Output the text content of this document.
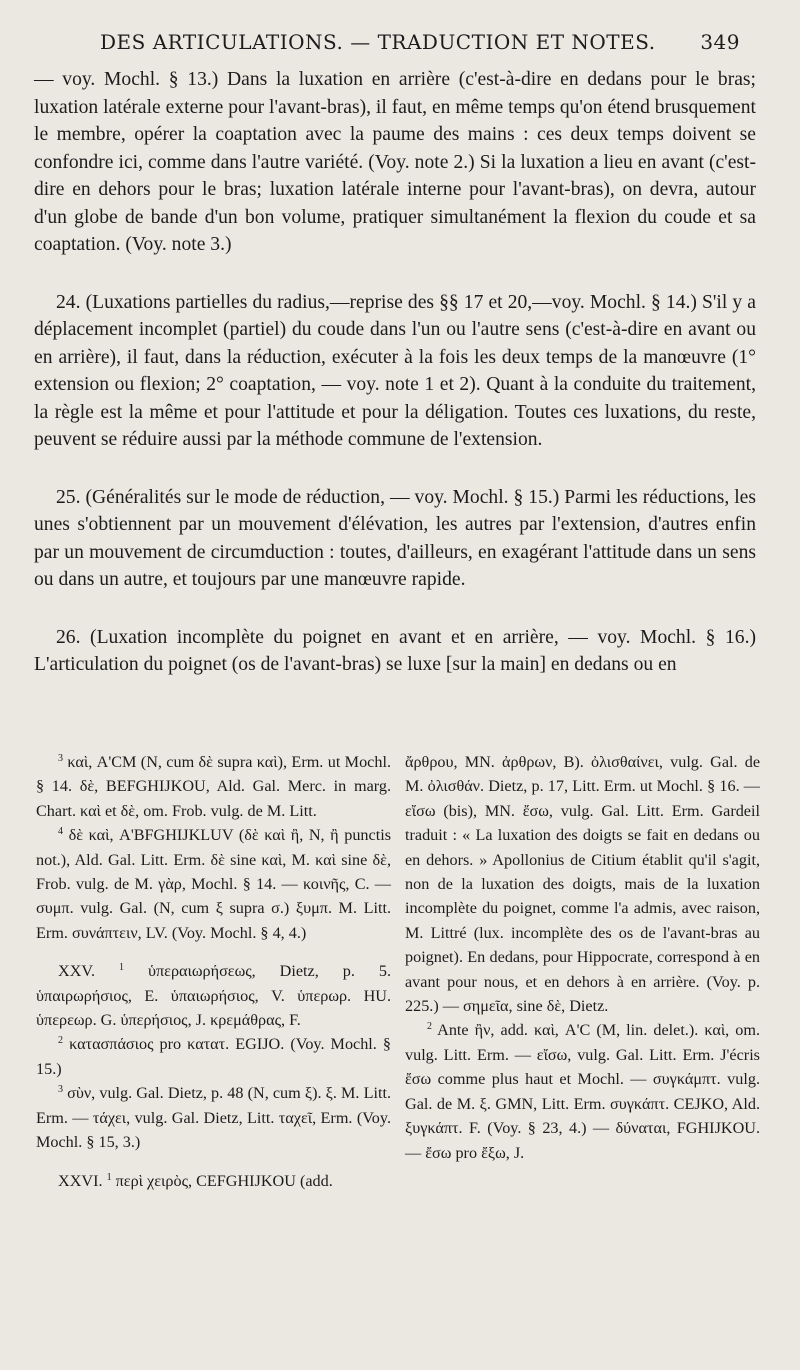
DES ARTICULATIONS. — TRADUCTION ET NOTES. 349

— voy. Mochl. § 13.) Dans la luxation en arrière (c'est-à-dire en dedans pour le bras; luxation latérale externe pour l'avant-bras), il faut, en même temps qu'on étend brusquement le membre, opérer la coaptation avec la paume des mains : ces deux temps doivent se confondre ici, comme dans l'autre variété. (Voy. note 2.) Si la luxation a lieu en avant (c'est-dire en dehors pour le bras; luxation latérale interne pour l'avant-bras), on devra, autour d'un globe de bande d'un bon volume, pratiquer simultanément la flexion du coude et sa coaptation. (Voy. note 3.)

24. (Luxations partielles du radius,—reprise des §§ 17 et 20,—voy. Mochl. § 14.) S'il y a déplacement incomplet (partiel) du coude dans l'un ou l'autre sens (c'est-à-dire en avant ou en arrière), il faut, dans la réduction, exécuter à la fois les deux temps de la manœuvre (1° extension ou flexion; 2° coaptation, — voy. note 1 et 2). Quant à la conduite du traitement, la règle est la même et pour l'attitude et pour la déligation. Toutes ces luxations, du reste, peuvent se réduire aussi par la méthode commune de l'extension.

25. (Généralités sur le mode de réduction, — voy. Mochl. § 15.) Parmi les réductions, les unes s'obtiennent par un mouvement d'élévation, les autres par l'extension, d'autres enfin par un mouvement de circumduction : toutes, d'ailleurs, en exagérant l'attitude dans un sens ou dans un autre, et toujours par une manœuvre rapide.

26. (Luxation incomplète du poignet en avant et en arrière, — voy. Mochl. § 16.) L'articulation du poignet (os de l'avant-bras) se luxe [sur la main] en dedans ou en

$^3$ καὶ, A'CM (N, cum δὲ supra καὶ), Erm. ut Mochl. § 14. δὲ, BEFGHIJKOU, Ald. Gal. Merc. in marg. Chart. καὶ et δὲ, om. Frob. vulg. de M. Litt.

$^4$ δὲ καὶ, A'BFGHIJKLUV (δὲ καὶ ἢ, N, ἢ punctis not.), Ald. Gal. Litt. Erm. δὲ sine καὶ, M. καὶ sine δὲ, Frob. vulg. de M. γὰρ, Mochl. § 14. — κοινῆς, C. — συμπ. vulg. Gal. (N, cum ξ supra σ.) ξυμπ. M. Litt. Erm. συνάπτειν, LV. (Voy. Mochl. § 4, 4.)

XXV. $^1$ ὑπεραιωρήσεως, Dietz, p. 5. ὑπαιρωρήσιος, E. ὑπαιωρήσιος, V. ὑπερωρ. HU. ὑπερεωρ. G. ὑπερήσιος, J. κρεμάθρας, F.

$^2$ κατασπάσιος pro κατατ. EGIJO. (Voy. Mochl. § 15.)

$^3$ σὺν, vulg. Gal. Dietz, p. 48 (N, cum ξ). ξ. M. Litt. Erm. — τάχει, vulg. Gal. Dietz, Litt. ταχεῖ, Erm. (Voy. Mochl. § 15, 3.)

XXVI. $^1$ περὶ χειρὸς, CEFGHIJKOU (add.

ἄρθρου, MN. ἀρθρων, B). ὀλισθαίνει, vulg. Gal. de M. ὀλισθάν. Dietz, p. 17, Litt. Erm. ut Mochl. § 16. — εἴσω (bis), MN. ἔσω, vulg. Gal. Litt. Erm. Gardeil traduit : « La luxation des doigts se fait en dedans ou en dehors. » Apollonius de Citium établit qu'il s'agit, non de la luxation des doigts, mais de la luxation incomplète du poignet, comme l'a admis, avec raison, M. Littré (lux. incomplète des os de l'avant-bras au poignet). En dedans, pour Hippocrate, correspond à en avant pour nous, et en dehors à en arrière. (Voy. p. 225.) — σημεῖα, sine δὲ, Dietz.

$^2$ Ante ἢν, add. καὶ, A'C (M, lin. delet.). καὶ, om. vulg. Litt. Erm. — εἴσω, vulg. Gal. Litt. Erm. J'écris ἔσω comme plus haut et Mochl. — συγκάμπτ. vulg. Gal. de M. ξ. GMN, Litt. Erm. συγκάπτ. CEJKO, Ald. ξυγκάπτ. F. (Voy. § 23, 4.) — δύναται, FGHIJKOU. — ἔσω pro ἔξω, J.
